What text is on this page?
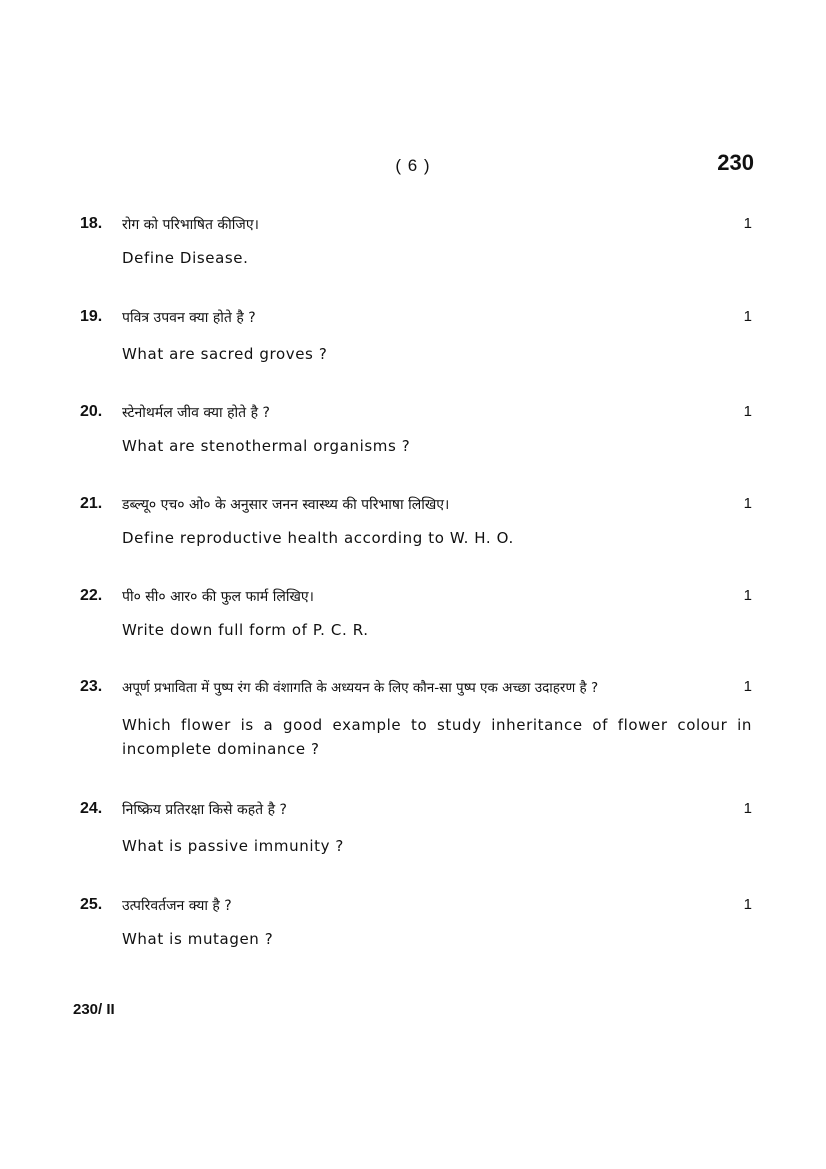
( 6 )	230
18. रोग को परिभाषित कीजिए।	1
Define Disease.
19. पवित्र उपवन क्या होते है ?	1
What are sacred groves ?
20. स्टेनोथर्मल जीव क्या होते है ?	1
What are stenothermal organisms ?
21. डब्ल्यू० एच० ओ० के अनुसार जनन स्वास्थ्य की परिभाषा लिखिए।	1
Define reproductive health according to W. H. O.
22. पी० सी० आर० की फुल फार्म लिखिए।	1
Write down full form of P. C. R.
23. अपूर्ण प्रभाविता में पुष्प रंग की वंशागति के अध्ययन के लिए कौन-सा पुष्प एक अच्छा उदाहरण है ?	1
Which flower is a good example to study inheritance of flower colour in incomplete dominance ?
24. निष्क्रिय प्रतिरक्षा किसे कहते है ?	1
What is passive immunity ?
25. उत्परिवर्तजन क्या है ?	1
What is mutagen ?
230/ II
